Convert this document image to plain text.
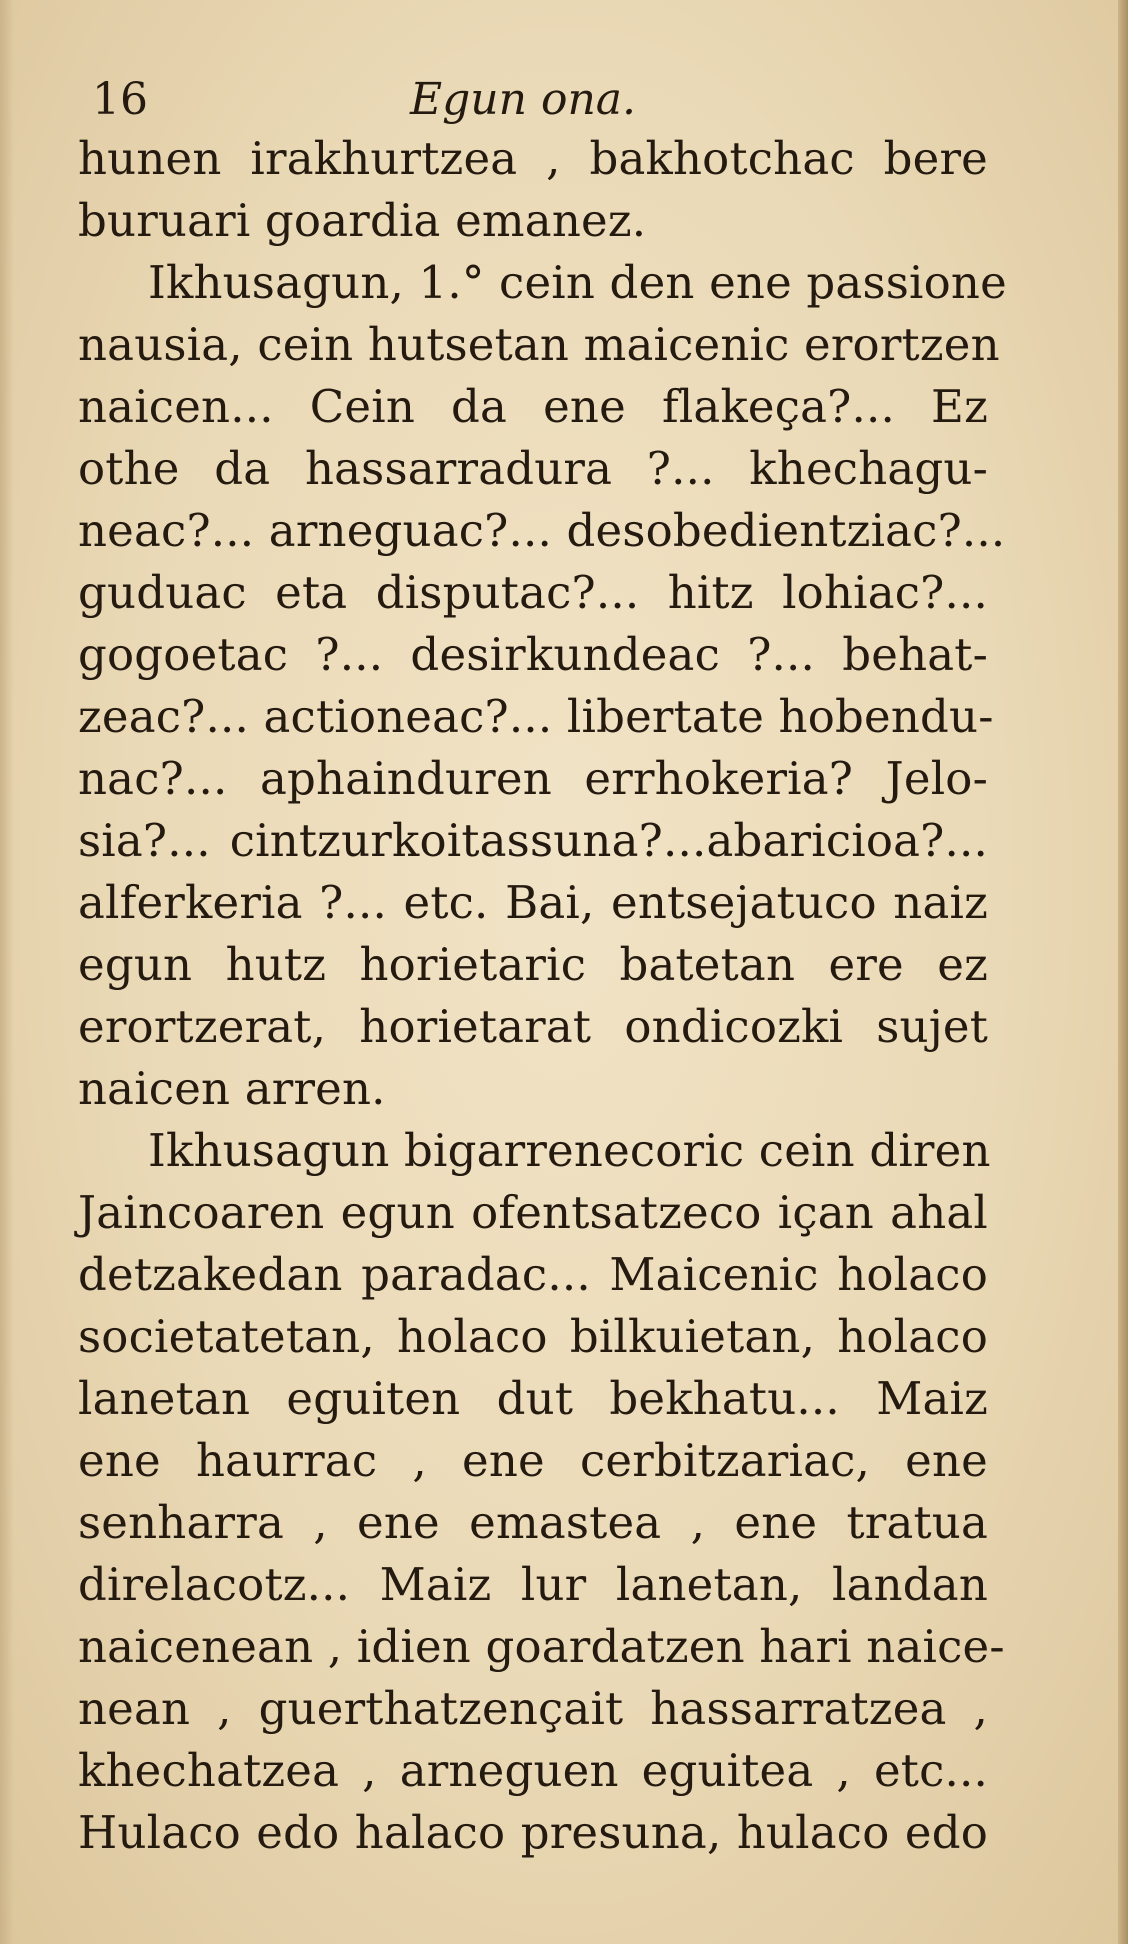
16	Egun ona.
hunen irakhurtzea , bakhotchac bere
buruari goardia emanez.
Ikhusagun, 1.° cein den ene passione
nausia, cein hutsetan maicenic erortzen
naicen... Cein da ene flakeça?... Ez
othe da hassarradura ?... khechagu-
neac?... arneguac?... desobedientziac?...
guduac eta disputac?... hitz lohiac?...
gogoetac ?... desirkundeac ?... behat-
zeac?... actioneac?... libertate hobendu-
nac?... aphainduren errhokeria? Jelo-
sia?... cintzurkoitassuna?...abaricioa?...
alferkeria ?... etc. Bai, entsejatuco naiz
egun hutz horietaric batetan ere ez
erortzerat, horietarat ondicozki sujet
naicen arren.
Ikhusagun bigarrenecoric cein diren
Jaincoaren egun ofentsatzeco içan ahal
detzakedan paradac... Maicenic holaco
societatetan, holaco bilkuietan, holaco
lanetan eguiten dut bekhatu... Maiz
ene haurrac , ene cerbitzariac, ene
senharra , ene emastea , ene tratua
direlacotz... Maiz lur lanetan, landan
naicenean , idien goardatzen hari naice-
nean , guerthatzençait hassarratzea ,
khechatzea , arneguen eguitea , etc...
Hulaco edo halaco presuna, hulaco edo
